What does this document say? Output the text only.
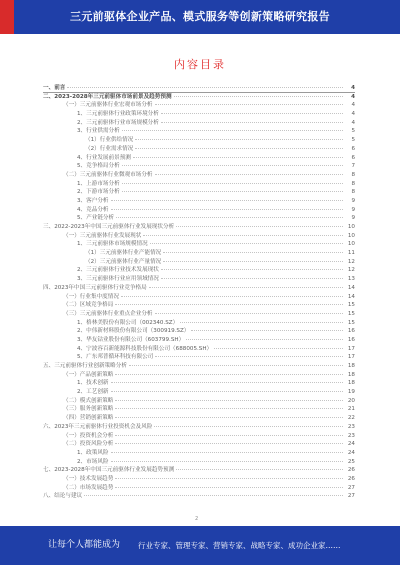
三元前驱体企业产品、模式服务等创新策略研究报告
内容目录
一、前言	4
二、2023-2028年三元前驱体市场前景及趋势预测	4
（一）三元前驱体行业宏观市场分析	4
1、三元前驱体行业政策环境分析	4
2、三元前驱体行业市场规模分析	4
3、行业供需分析	5
（1）行业供给情况	5
（2）行业需求情况	6
4、行业发展前景预测	6
5、竞争格局分析	7
（二）三元前驱体行业微观市场分析	8
1、上游市场分析	8
2、下游市场分析	8
3、客户分析	9
4、竞品分析	9
5、产业链分析	9
三、2022-2023年中国三元前驱体行业发展现状分析	10
（一）三元前驱体行业发展现状	10
1、三元前驱体市场规模情况	10
（1）三元前驱体行业产能情况	11
（2）三元前驱体行业产量情况	12
2、三元前驱体行业技术发展现状	12
3、三元前驱体行业应用领域情况	13
四、2023年中国三元前驱体行业竞争格局	14
（一）行业集中度情况	14
（二）区域竞争格局	15
（三）三元前驱体行业重点企业分析	15
1、格林美股份有限公司（002340.SZ）	15
2、中伟新材料股份有限公司（300919.SZ）	16
3、华友钴业股份有限公司（603799.SH）	16
4、宁波容百新能源科技股份有限公司（688005.SH）	17
5、广东邦普循环科技有限公司	17
五、三元前驱体行业创新策略分析	18
（一）产品创新策略	18
1、技术创新	18
2、工艺创新	19
（二）模式创新策略	20
（三）服务创新策略	21
（四）营销创新策略	22
六、2023年三元前驱体行业投资机会及风险	23
（一）投资机会分析	23
（二）投资风险分析	24
1、政策风险	24
2、市场风险	25
七、2023-2028年中国三元前驱体行业发展趋势预测	26
（一）技术发展趋势	26
（二）市场发展趋势	27
八、结论与建议	27
2
让每个人都能成为 行业专家、管理专家、营销专家、战略专家、成功企业家……
